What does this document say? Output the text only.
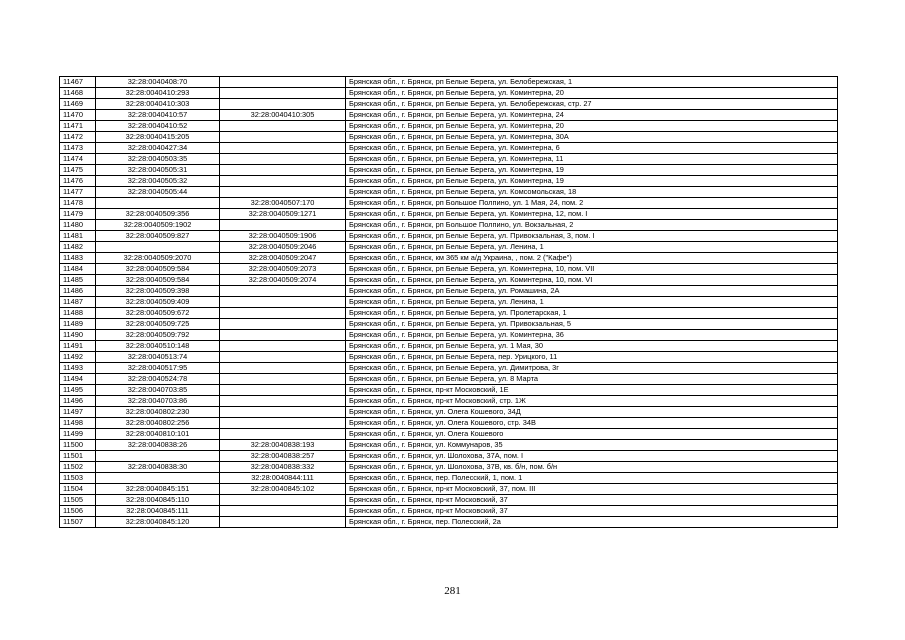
11467	32:28:0040408:70		Брянская обл., г. Брянск, рп Белые Берега, ул. Белобережская, 1
11468	32:28:0040410:293		Брянская обл., г. Брянск, рп Белые Берега, ул. Коминтерна, 20
11469	32:28:0040410:303		Брянская обл., г. Брянск, рп Белые Берега, ул. Белобережская, стр. 27
11470	32:28:0040410:57	32:28:0040410:305	Брянская обл., г. Брянск, рп Белые Берега, ул. Коминтерна, 24
11471	32:28:0040410:52		Брянская обл., г. Брянск, рп Белые Берега, ул. Коминтерна, 20
11472	32:28:0040415:205		Брянская обл., г. Брянск, рп Белые Берега, ул. Коминтерна, 30А
11473	32:28:0040427:34		Брянская обл., г. Брянск, рп Белые Берега, ул. Коминтерна, 6
11474	32:28:0040503:35		Брянская обл., г. Брянск, рп Белые Берега, ул. Коминтерна, 11
11475	32:28:0040505:31		Брянская обл., г. Брянск, рп Белые Берега, ул. Коминтерна, 19
11476	32:28:0040505:32		Брянская обл., г. Брянск, рп Белые Берега, ул. Коминтерна, 19
11477	32:28:0040505:44		Брянская обл., г. Брянск, рп Белые Берега, ул. Комсомольская, 18
11478		32:28:0040507:170	Брянская обл., г. Брянск, рп Большое Полпино, ул. 1 Мая, 24, пом. 2
11479	32:28:0040509:356	32:28:0040509:1271	Брянская обл., г. Брянск, рп Белые Берега, ул. Коминтерна, 12, пом. I
11480	32:28:0040509:1902		Брянская обл., г. Брянск, рп Большое Полпино, ул. Вокзальная, 2
11481	32:28:0040509:827	32:28:0040509:1906	Брянская обл., г. Брянск, рп Белые Берега, ул. Привокзальная, 3, пом. I
11482		32:28:0040509:2046	Брянская обл., г. Брянск, рп Белые Берега, ул. Ленина, 1
11483	32:28:0040509:2070	32:28:0040509:2047	Брянская обл., г. Брянск, км 365 км а/д Украина, , пом. 2 ("Кафе")
11484	32:28:0040509:584	32:28:0040509:2073	Брянская обл., г. Брянск, рп Белые Берега, ул. Коминтерна, 10, пом. VII
11485	32:28:0040509:584	32:28:0040509:2074	Брянская обл., г. Брянск, рп Белые Берега, ул. Коминтерна, 10, пом. VI
11486	32:28:0040509:398		Брянская обл., г. Брянск, рп Белые Берега, ул. Ромашина, 2А
11487	32:28:0040509:409		Брянская обл., г. Брянск, рп Белые Берега, ул. Ленина, 1
11488	32:28:0040509:672		Брянская обл., г. Брянск, рп Белые Берега, ул. Пролетарская, 1
11489	32:28:0040509:725		Брянская обл., г. Брянск, рп Белые Берега, ул. Привокзальная, 5
11490	32:28:0040509:792		Брянская обл., г. Брянск, рп Белые Берега, ул. Коминтерна, 36
11491	32:28:0040510:148		Брянская обл., г. Брянск, рп Белые Берега, ул. 1 Мая, 30
11492	32:28:0040513:74		Брянская обл., г. Брянск, рп Белые Берега, пер. Урицкого, 11
11493	32:28:0040517:95		Брянская обл., г. Брянск, рп Белые Берега, ул. Димитрова, 3г
11494	32:28:0040524:78		Брянская обл., г. Брянск, рп Белые Берега, ул. 8 Марта
11495	32:28:0040703:85		Брянская обл., г. Брянск, пр-кт Московский, 1Е
11496	32:28:0040703:86		Брянская обл., г. Брянск, пр-кт Московский, стр. 1Ж
11497	32:28:0040802:230		Брянская обл., г. Брянск, ул. Олега Кошевого, 34Д
11498	32:28:0040802:256		Брянская обл., г. Брянск, ул. Олега Кошевого, стр. 34В
11499	32:28:0040810:101		Брянская обл., г. Брянск, ул. Олега Кошевого
11500	32:28:0040838:26	32:28:0040838:193	Брянская обл., г. Брянск, ул. Коммунаров, 35
11501		32:28:0040838:257	Брянская обл., г. Брянск, ул. Шолохова, 37А, пом. I
11502	32:28:0040838:30	32:28:0040838:332	Брянская обл., г. Брянск, ул. Шолохова, 37В, кв. б/н, пом. б/н
11503		32:28:0040844:111	Брянская обл., г. Брянск, пер. Полесский, 1, пом. 1
11504	32:28:0040845:151	32:28:0040845:102	Брянская обл., г. Брянск, пр-кт Московский, 37, пом. III
11505	32:28:0040845:110		Брянская обл., г. Брянск, пр-кт Московский, 37
11506	32:28:0040845:111		Брянская обл., г. Брянск, пр-кт Московский, 37
11507	32:28:0040845:120		Брянская обл., г. Брянск, пер. Полесский, 2а
281
